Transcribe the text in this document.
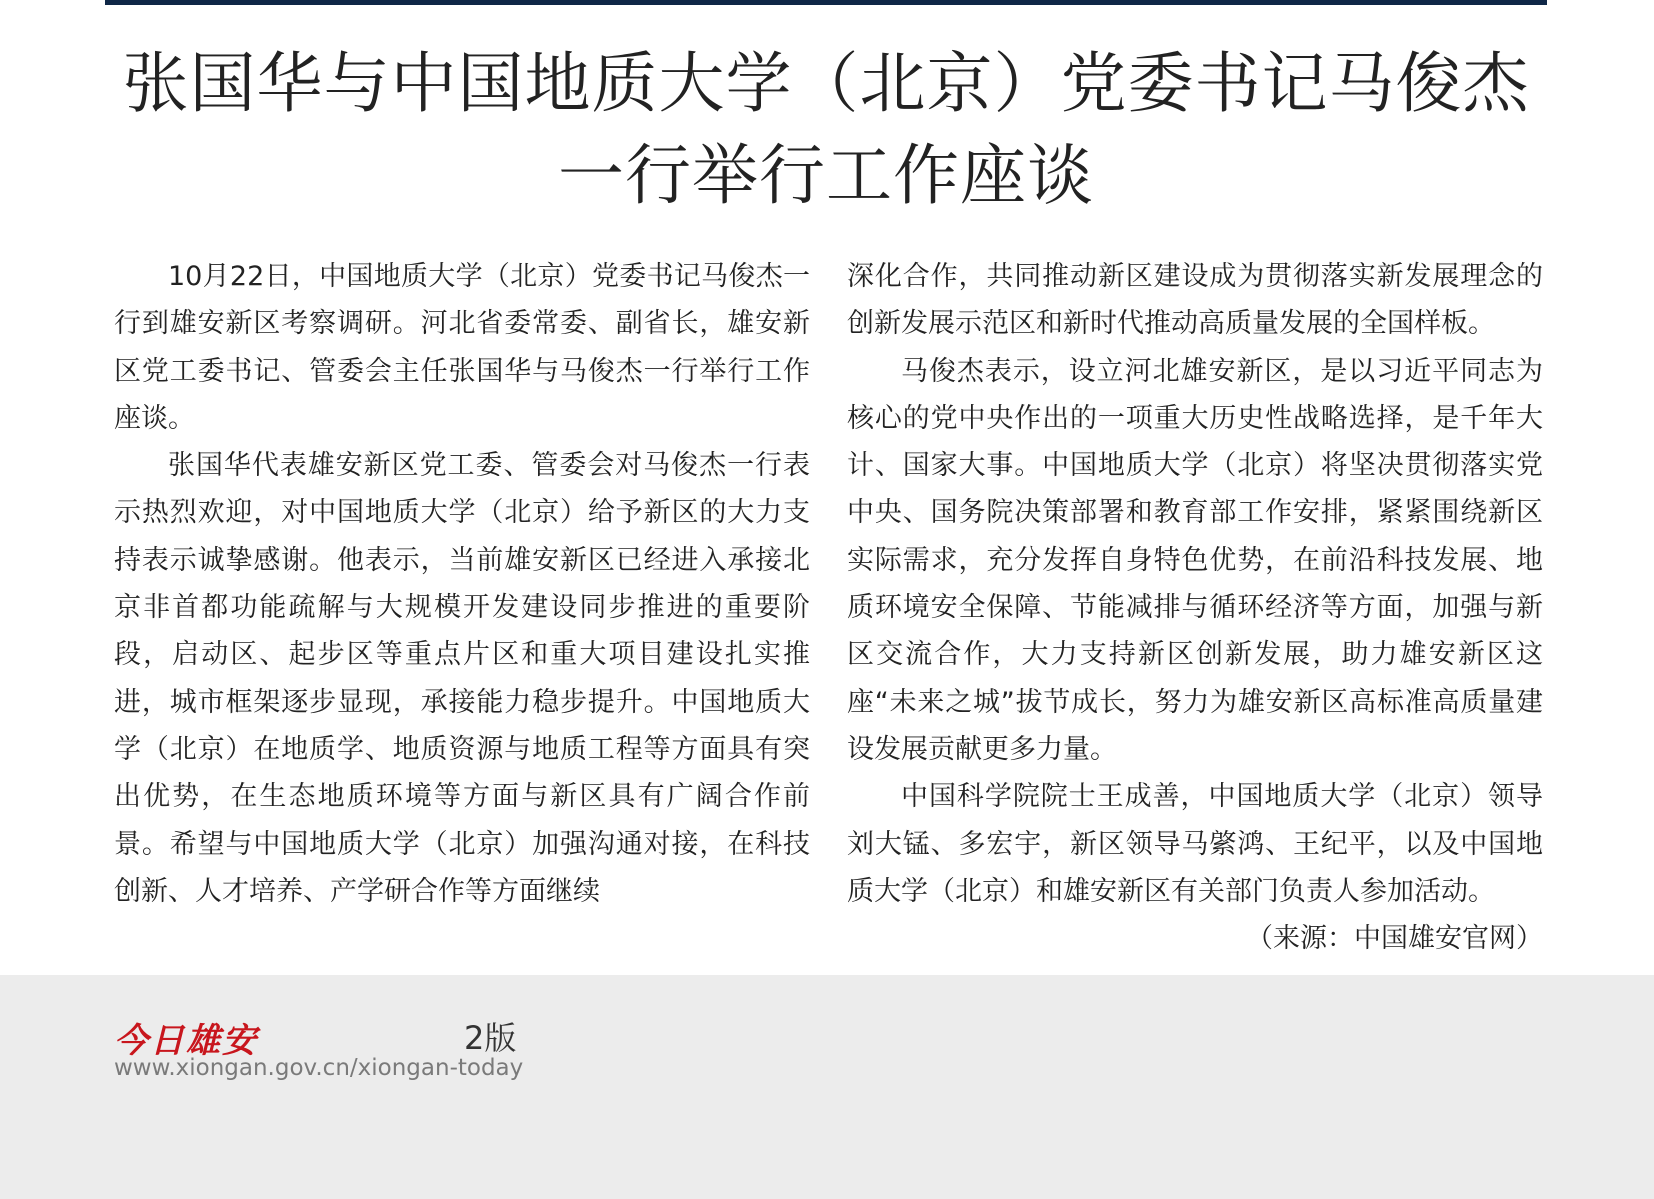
张国华与中国地质大学（北京）党委书记马俊杰
一行举行工作座谈

10月22日，中国地质大学（北京）党委书记马俊杰一行到雄安新区考察调研。河北省委常委、副省长，雄安新区党工委书记、管委会主任张国华与马俊杰一行举行工作座谈。

张国华代表雄安新区党工委、管委会对马俊杰一行表示热烈欢迎，对中国地质大学（北京）给予新区的大力支持表示诚挚感谢。他表示，当前雄安新区已经进入承接北京非首都功能疏解与大规模开发建设同步推进的重要阶段，启动区、起步区等重点片区和重大项目建设扎实推进，城市框架逐步显现，承接能力稳步提升。中国地质大学（北京）在地质学、地质资源与地质工程等方面具有突出优势，在生态地质环境等方面与新区具有广阔合作前景。希望与中国地质大学（北京）加强沟通对接，在科技创新、人才培养、产学研合作等方面继续

深化合作，共同推动新区建设成为贯彻落实新发展理念的创新发展示范区和新时代推动高质量发展的全国样板。

马俊杰表示，设立河北雄安新区，是以习近平同志为核心的党中央作出的一项重大历史性战略选择，是千年大计、国家大事。中国地质大学（北京）将坚决贯彻落实党中央、国务院决策部署和教育部工作安排，紧紧围绕新区实际需求，充分发挥自身特色优势，在前沿科技发展、地质环境安全保障、节能减排与循环经济等方面，加强与新区交流合作，大力支持新区创新发展，助力雄安新区这座“未来之城”拔节成长，努力为雄安新区高标准高质量建设发展贡献更多力量。

中国科学院院士王成善，中国地质大学（北京）领导刘大锰、多宏宇，新区领导马綮鸿、王纪平，以及中国地质大学（北京）和雄安新区有关部门负责人参加活动。

（来源：中国雄安官网）

今日雄安	2版
www.xiongan.gov.cn/xiongan-today
